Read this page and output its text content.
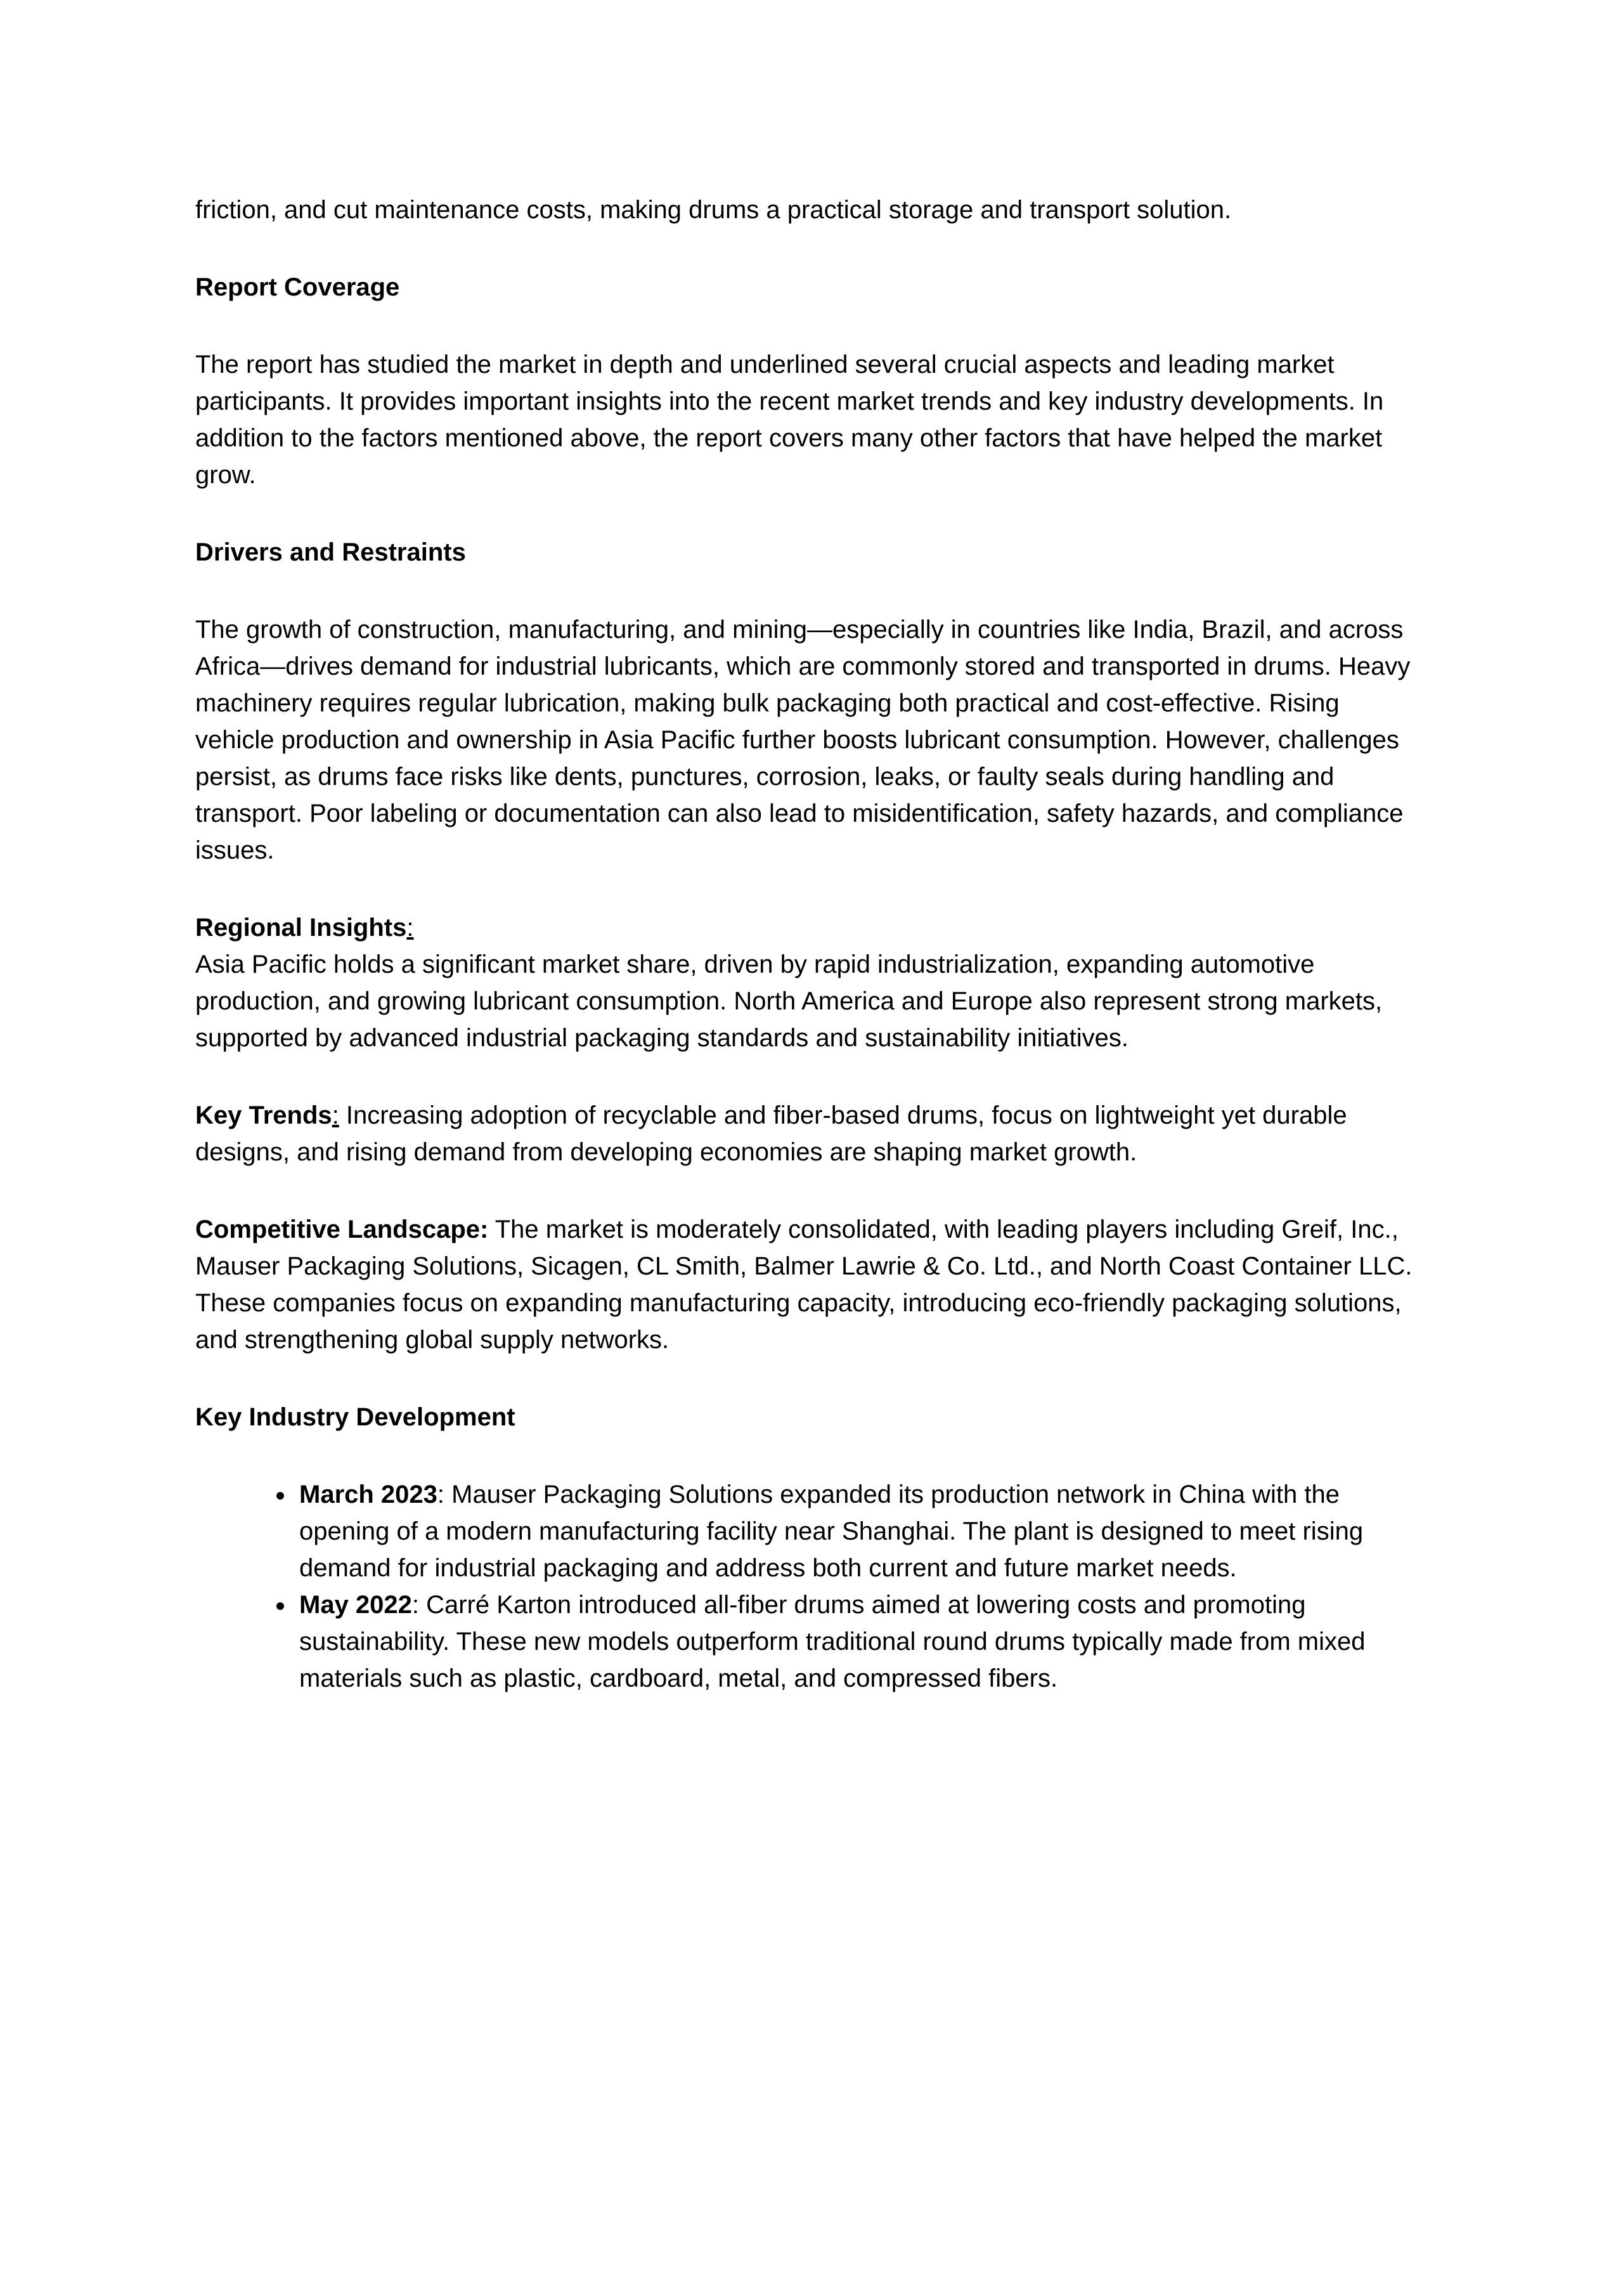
friction, and cut maintenance costs, making drums a practical storage and transport solution.

Report Coverage

The report has studied the market in depth and underlined several crucial aspects and leading market participants. It provides important insights into the recent market trends and key industry developments. In addition to the factors mentioned above, the report covers many other factors that have helped the market grow.

Drivers and Restraints

The growth of construction, manufacturing, and mining—especially in countries like India, Brazil, and across Africa—drives demand for industrial lubricants, which are commonly stored and transported in drums. Heavy machinery requires regular lubrication, making bulk packaging both practical and cost-effective. Rising vehicle production and ownership in Asia Pacific further boosts lubricant consumption. However, challenges persist, as drums face risks like dents, punctures, corrosion, leaks, or faulty seals during handling and transport. Poor labeling or documentation can also lead to misidentification, safety hazards, and compliance issues.

Regional Insights:
Asia Pacific holds a significant market share, driven by rapid industrialization, expanding automotive production, and growing lubricant consumption. North America and Europe also represent strong markets, supported by advanced industrial packaging standards and sustainability initiatives.

Key Trends: Increasing adoption of recyclable and fiber-based drums, focus on lightweight yet durable designs, and rising demand from developing economies are shaping market growth.

Competitive Landscape: The market is moderately consolidated, with leading players including Greif, Inc., Mauser Packaging Solutions, Sicagen, CL Smith, Balmer Lawrie & Co. Ltd., and North Coast Container LLC. These companies focus on expanding manufacturing capacity, introducing eco-friendly packaging solutions, and strengthening global supply networks.

Key Industry Development

• March 2023: Mauser Packaging Solutions expanded its production network in China with the opening of a modern manufacturing facility near Shanghai. The plant is designed to meet rising demand for industrial packaging and address both current and future market needs.
• May 2022: Carré Karton introduced all-fiber drums aimed at lowering costs and promoting sustainability. These new models outperform traditional round drums typically made from mixed materials such as plastic, cardboard, metal, and compressed fibers.
